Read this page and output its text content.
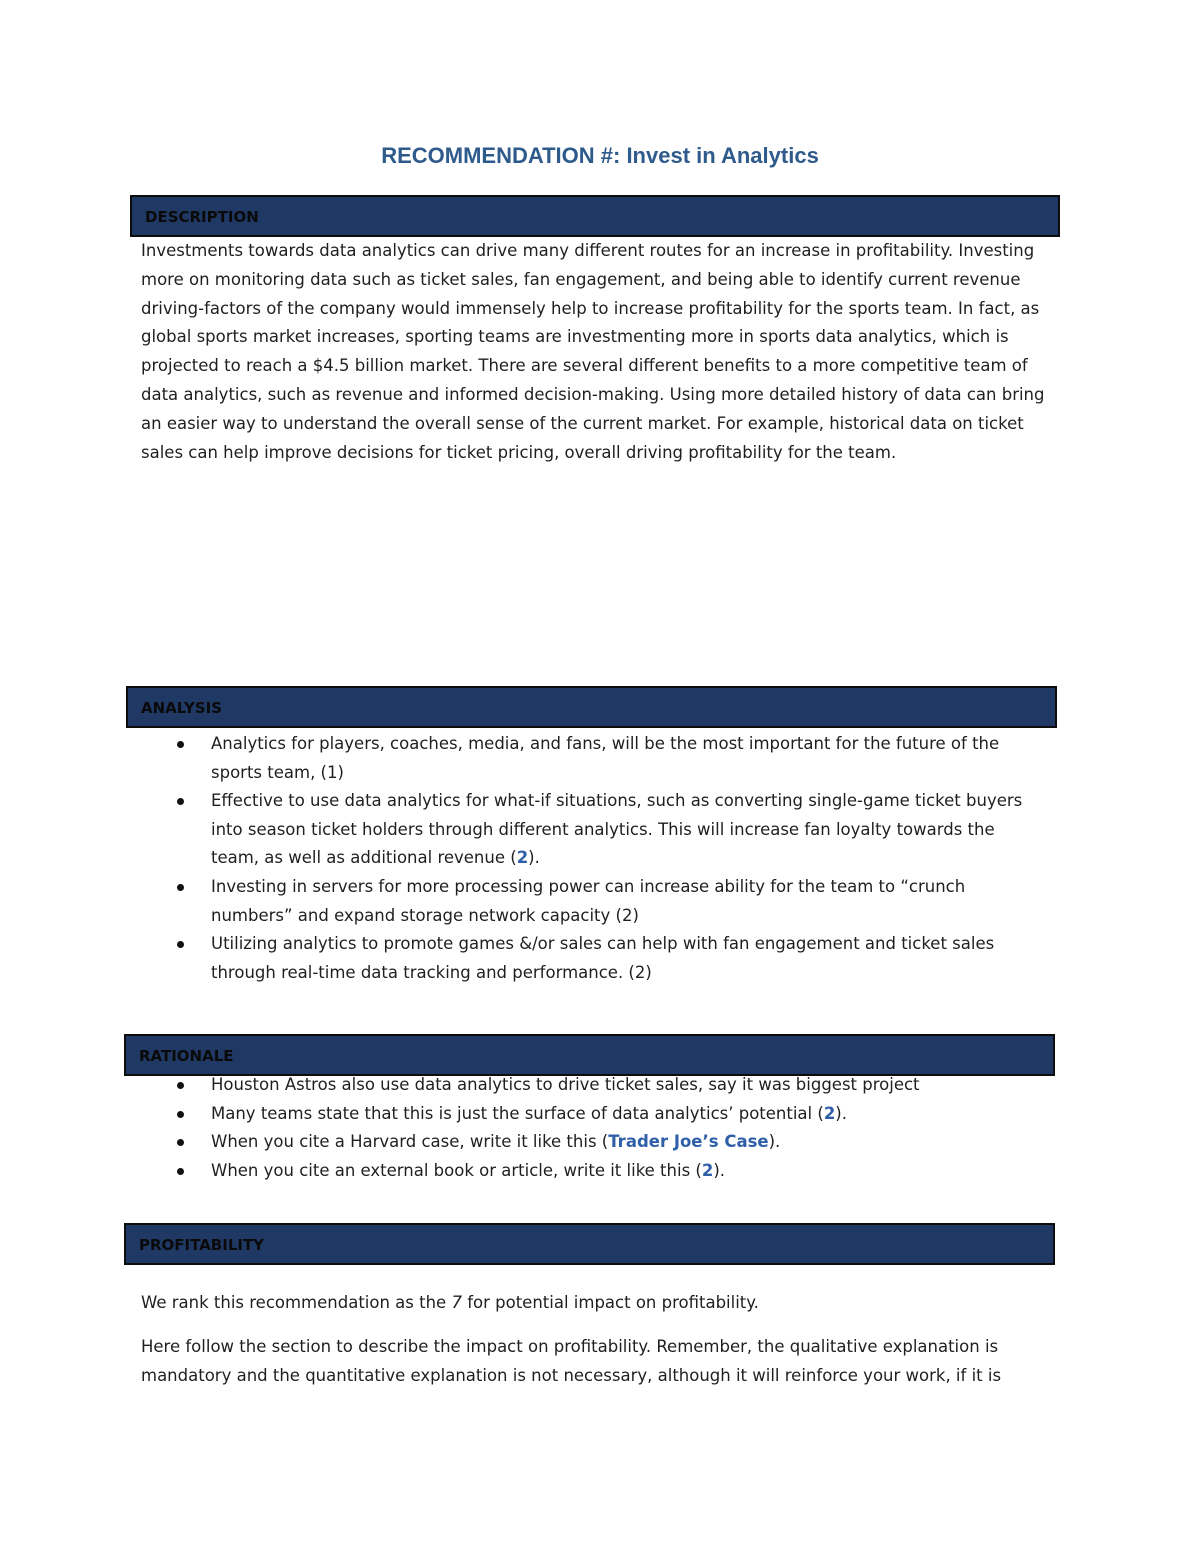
RECOMMENDATION #: Invest in Analytics
DESCRIPTION

Investments towards data analytics can drive many different routes for an increase in profitability. Investing more on monitoring data such as ticket sales, fan engagement, and being able to identify current revenue driving-factors of the company would immensely help to increase profitability for the sports team. In fact, as global sports market increases, sporting teams are investmenting more in sports data analytics, which is projected to reach a $4.5 billion market. There are several different benefits to a more competitive team of data analytics, such as revenue and informed decision-making. Using more detailed history of data can bring an easier way to understand the overall sense of the current market. For example, historical data on ticket sales can help improve decisions for ticket pricing, overall driving profitability for the team.

ANALYSIS
Analytics for players, coaches, media, and fans, will be the most important for the future of the sports team, (1)
Effective to use data analytics for what-if situations, such as converting single-game ticket buyers into season ticket holders through different analytics. This will increase fan loyalty towards the team, as well as additional revenue (2).
Investing in servers for more processing power can increase ability for the team to “crunch numbers” and expand storage network capacity (2)
Utilizing analytics to promote games &/or sales can help with fan engagement and ticket sales through real-time data tracking and performance. (2)
RATIONALE
Houston Astros also use data analytics to drive ticket sales, say it was biggest project
Many teams state that this is just the surface of data analytics’ potential (2).
When you cite a Harvard case, write it like this (Trader Joe’s Case).
When you cite an external book or article, write it like this (2).
PROFITABILITY
We rank this recommendation as the 7 for potential impact on profitability.
Here follow the section to describe the impact on profitability. Remember, the qualitative explanation is mandatory and the quantitative explanation is not necessary, although it will reinforce your work, if it is
